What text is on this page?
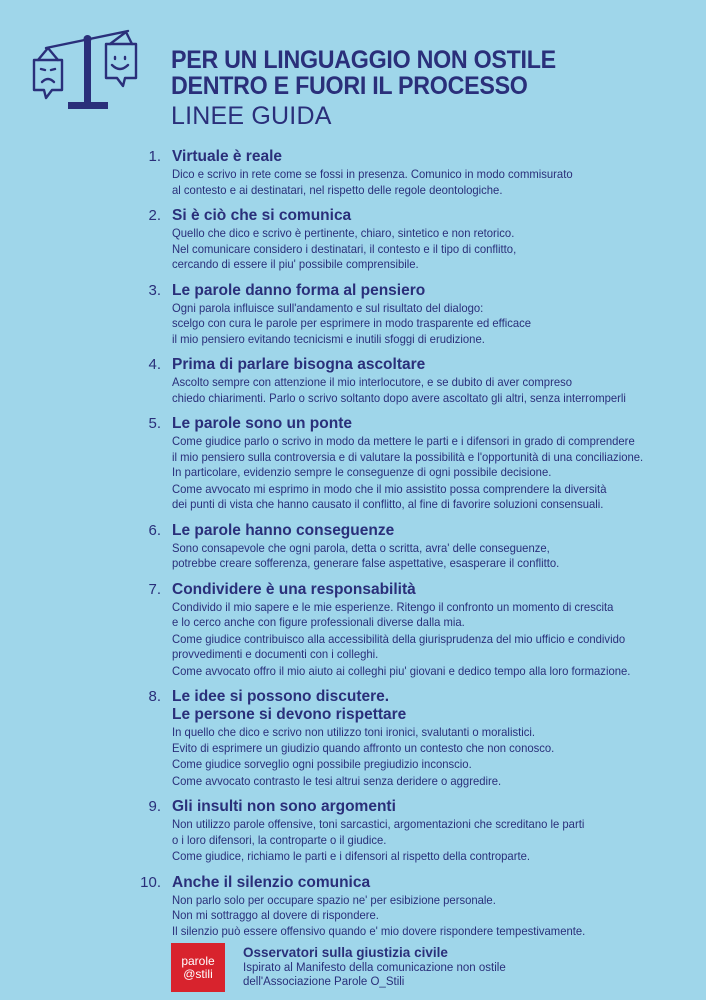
PER UN LINGUAGGIO NON OSTILE
DENTRO E FUORI IL PROCESSO
LINEE GUIDA
1. Virtuale è reale
Dico e scrivo in rete come se fossi in presenza. Comunico in modo commisurato
al contesto e ai destinatari, nel rispetto delle regole deontologiche.
2. Si è ciò che si comunica
Quello che dico e scrivo è pertinente, chiaro, sintetico e non retorico.
Nel comunicare considero i destinatari, il contesto e il tipo di conflitto,
cercando di essere il piu' possibile comprensibile.
3. Le parole danno forma al pensiero
Ogni parola influisce sull'andamento e sul risultato del dialogo:
scelgo con cura le parole per esprimere in modo trasparente ed efficace
il mio pensiero evitando tecnicismi e inutili sfoggi di erudizione.
4. Prima di parlare bisogna ascoltare
Ascolto sempre con attenzione il mio interlocutore, e se dubito di aver compreso
chiedo chiarimenti. Parlo o scrivo soltanto dopo avere ascoltato gli altri, senza interromperli
5. Le parole sono un ponte
Come giudice parlo o scrivo in modo da mettere le parti e i difensori in grado di comprendere
il mio pensiero sulla controversia e di valutare la possibilità e l'opportunità di una conciliazione.
In particolare, evidenzio sempre le conseguenze di ogni possibile decisione.
Come avvocato mi esprimo in modo che il mio assistito possa comprendere la diversità
dei punti di vista che hanno causato il conflitto, al fine di favorire soluzioni consensuali.
6. Le parole hanno conseguenze
Sono consapevole che ogni parola, detta o scritta, avra' delle conseguenze,
potrebbe creare sofferenza, generare false aspettative, esasperare il conflitto.
7. Condividere è una responsabilità
Condivido il mio sapere e le mie esperienze. Ritengo il confronto un momento di crescita
e lo cerco anche con figure professionali diverse dalla mia.
Come giudice contribuisco alla accessibilità della giurisprudenza del mio ufficio e condivido
provvedimenti e documenti con i colleghi.
Come avvocato offro il mio aiuto ai colleghi piu' giovani e dedico tempo alla loro formazione.
8. Le idee si possono discutere.
Le persone si devono rispettare
In quello che dico e scrivo non utilizzo toni ironici, svalutanti o moralistici.
Evito di esprimere un giudizio quando affronto un contesto che non conosco.
Come giudice sorveglio ogni possibile pregiudizio inconscio.
Come avvocato contrasto le tesi altrui senza deridere o aggredire.
9. Gli insulti non sono argomenti
Non utilizzo parole offensive, toni sarcastici, argomentazioni che screditano le parti
o i loro difensori, la controparte o il giudice.
Come giudice, richiamo le parti e i difensori al rispetto della controparte.
10. Anche il silenzio comunica
Non parlo solo per occupare spazio ne' per esibizione personale.
Non mi sottraggo al dovere di rispondere.
Il silenzio può essere offensivo quando e' mio dovere rispondere tempestivamente.
parole
@stili
Osservatori sulla giustizia civile
Ispirato al Manifesto della comunicazione non ostile
dell'Associazione Parole O_Stili
